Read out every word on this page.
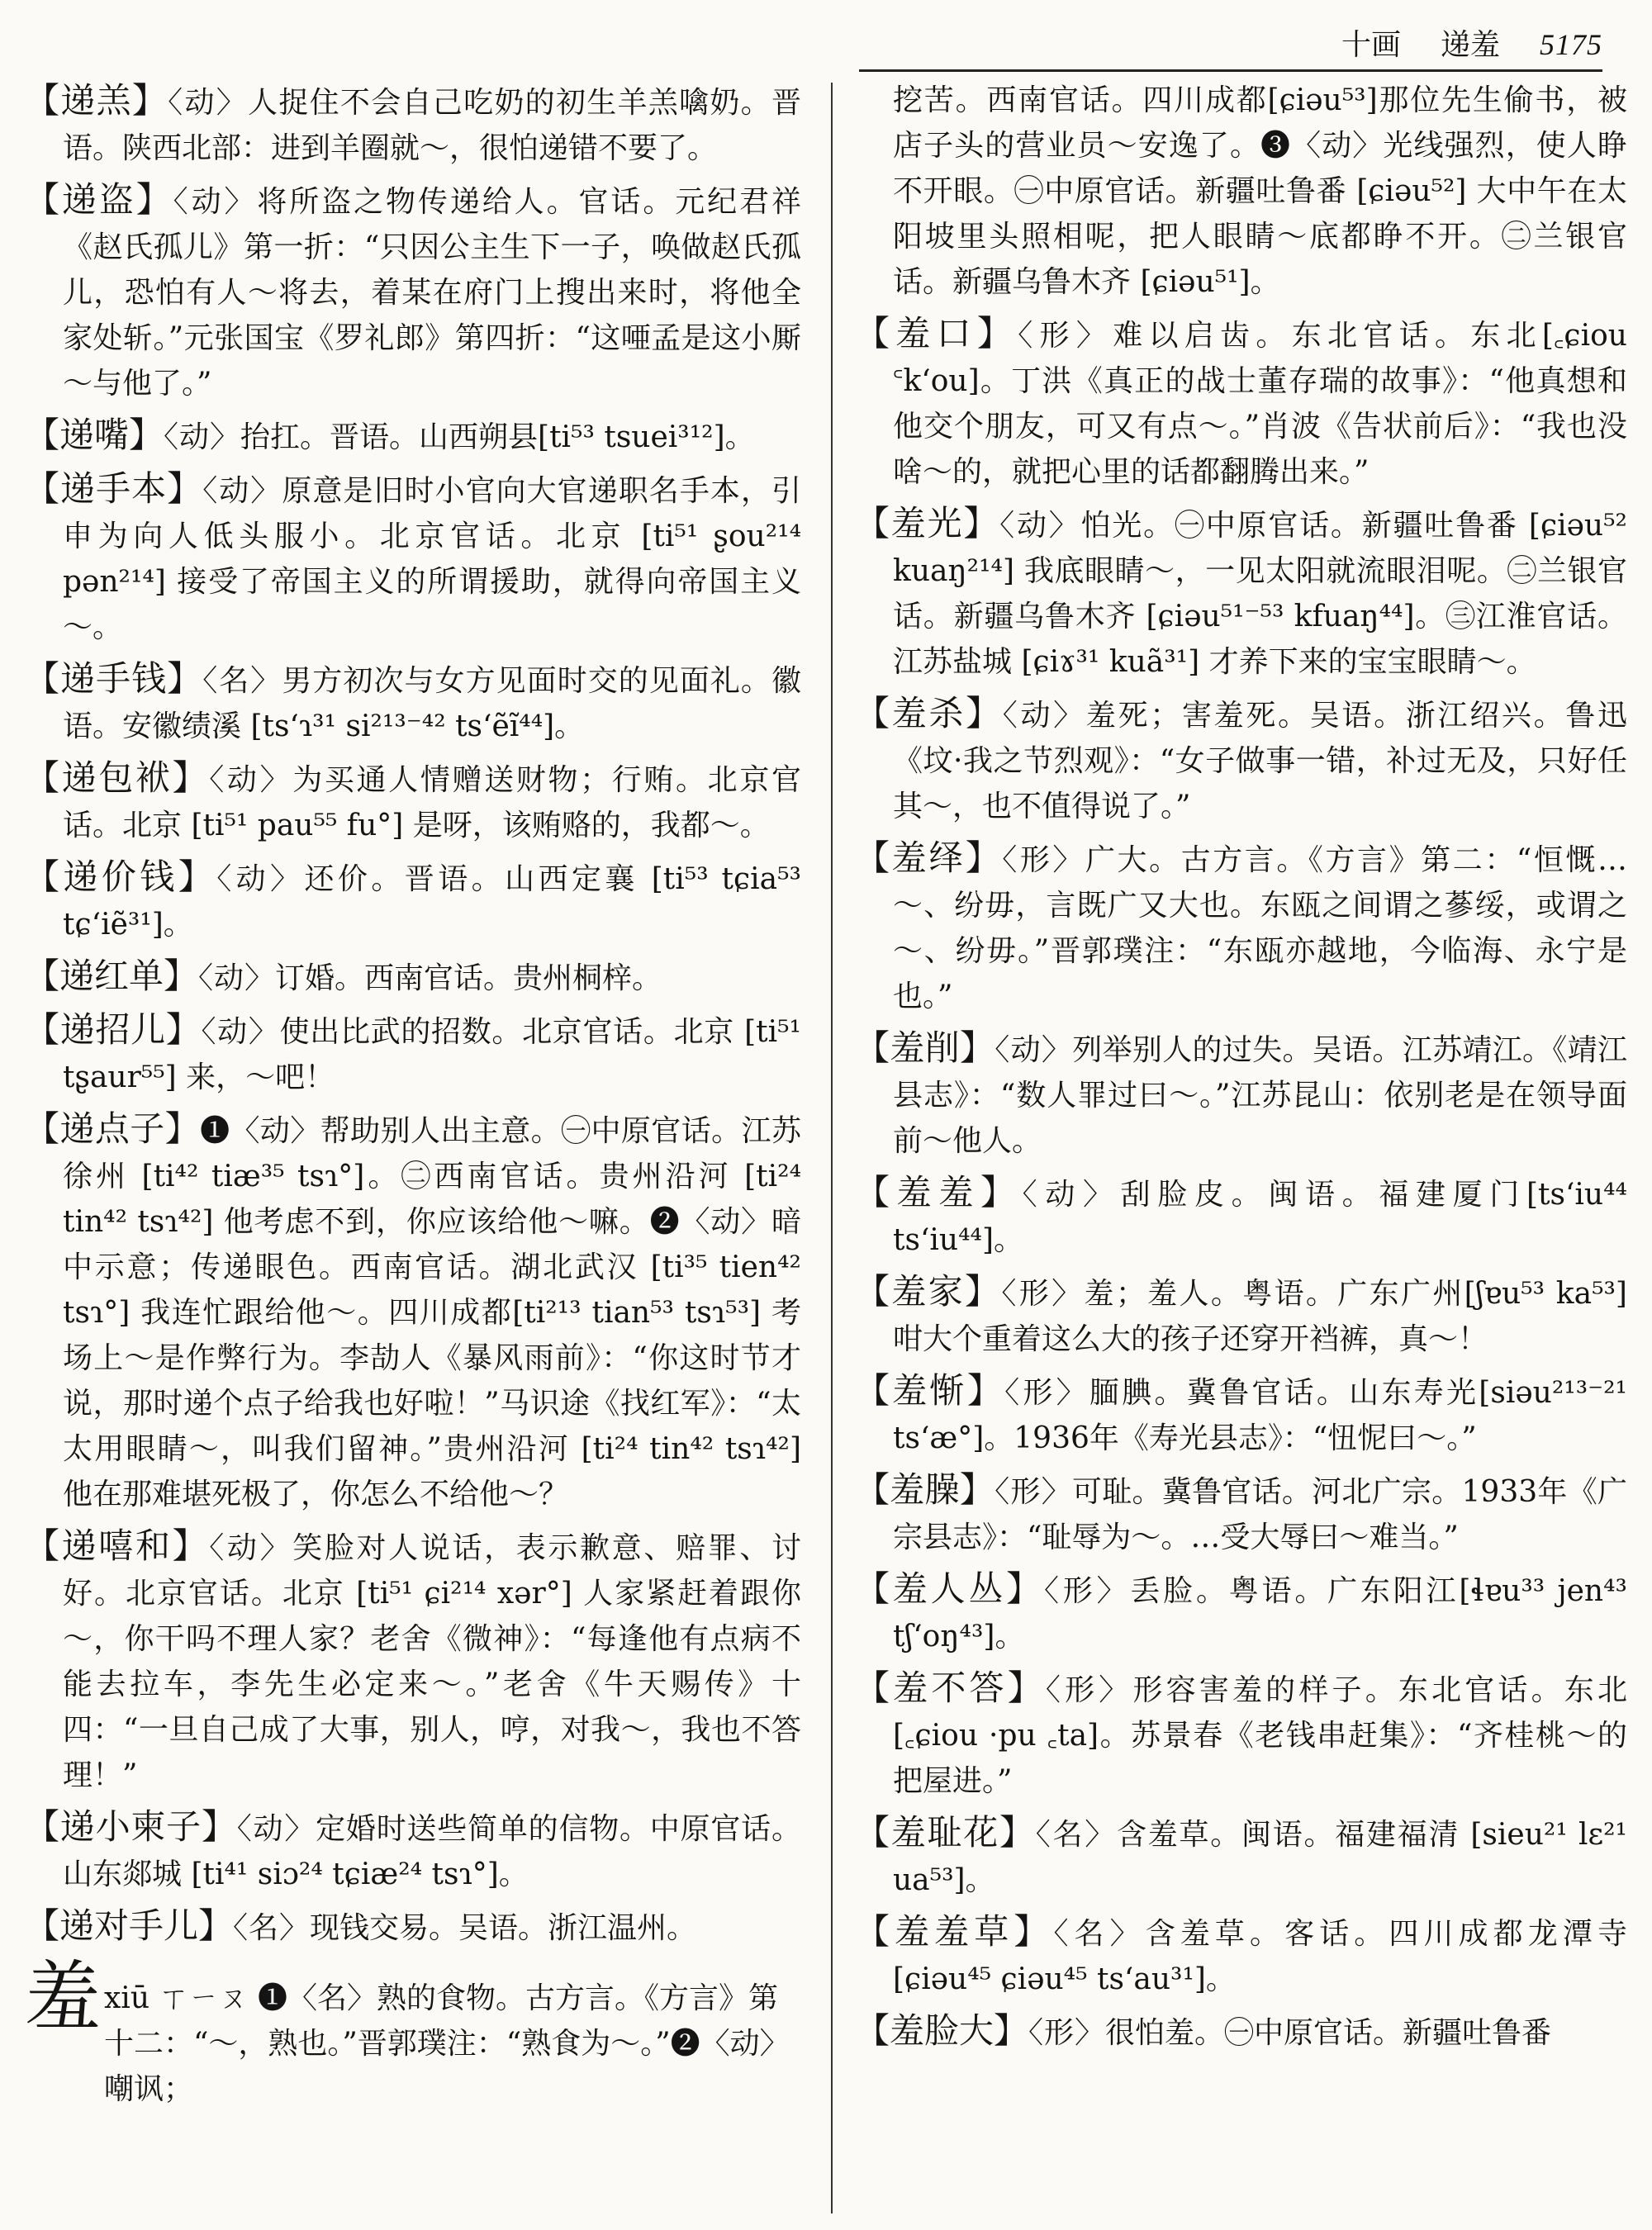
十画 递羞 5175
【递羔】〈动〉人捉住不会自己吃奶的初生羊羔噙奶。晋语。陕西北部：进到羊圈就～，很怕递错不要了。
【递盗】〈动〉将所盗之物传递给人。官话。元纪君祥《赵氏孤儿》第一折：“只因公主生下一子，唤做赵氏孤儿，恐怕有人～将去，着某在府门上搜出来时，将他全家处斩。”元张国宝《罗礼郎》第四折：“这唖孟是这小厮～与他了。”
【递嘴】〈动〉抬扛。晋语。山西朔县[ti⁵³ tsuei³¹²]。
【递手本】〈动〉原意是旧时小官向大官递职名手本，引申为向人低头服小。北京官话。北京 [ti⁵¹ ʂou²¹⁴ pən²¹⁴] 接受了帝国主义的所谓援助，就得向帝国主义～。
【递手钱】〈名〉男方初次与女方见面时交的见面礼。徽语。安徽绩溪 [tsʻɿ³¹ si²¹³⁻⁴² tsʻẽĩ⁴⁴]。
【递包袱】〈动〉为买通人情赠送财物；行贿。北京官话。北京 [ti⁵¹ pau⁵⁵ fu°] 是呀，该贿赂的，我都～。
【递价钱】〈动〉还价。晋语。山西定襄 [ti⁵³ tɕia⁵³ tɕʻiẽ³¹]。
【递红单】〈动〉订婚。西南官话。贵州桐梓。
【递招儿】〈动〉使出比武的招数。北京官话。北京 [ti⁵¹ tʂaur⁵⁵] 来，～吧！
【递点子】❶〈动〉帮助别人出主意。㊀中原官话。江苏徐州 [ti⁴² tiæ³⁵ tsɿ°]。㊁西南官话。贵州沿河 [ti²⁴ tin⁴² tsɿ⁴²] 他考虑不到，你应该给他～嘛。❷〈动〉暗中示意；传递眼色。西南官话。湖北武汉 [ti³⁵ tien⁴² tsɿ°] 我连忙跟给他～。四川成都[ti²¹³ tian⁵³ tsɿ⁵³] 考场上～是作弊行为。李劼人《暴风雨前》：“你这时节才说，那时递个点子给我也好啦！”马识途《找红军》：“太太用眼睛～，叫我们留神。”贵州沿河 [ti²⁴ tin⁴² tsɿ⁴²] 他在那难堪死极了，你怎么不给他～？
【递嘻和】〈动〉笑脸对人说话，表示歉意、赔罪、讨好。北京官话。北京 [ti⁵¹ ɕi²¹⁴ xər°] 人家紧赶着跟你～，你干吗不理人家？老舍《微神》：“每逢他有点病不能去拉车，李先生必定来～。”老舍《牛天赐传》十四：“一旦自己成了大事，别人，哼，对我～，我也不答理！”
【递小柬子】〈动〉定婚时送些简单的信物。中原官话。山东郯城 [ti⁴¹ siɔ²⁴ tɕiæ²⁴ tsɿ°]。
【递对手儿】〈名〉现钱交易。吴语。浙江温州。
羞 xiū ㄒㄧㄡ ❶〈名〉熟的食物。古方言。《方言》第十二：“～，熟也。”晋郭璞注：“熟食为～。”❷〈动〉嘲讽；
挖苦。西南官话。四川成都[ɕiəu⁵³]那位先生偷书，被店子头的营业员～安逸了。❸〈动〉光线强烈，使人睁不开眼。㊀中原官话。新疆吐鲁番 [ɕiəu⁵²] 大中午在太阳坡里头照相呢，把人眼睛～底都睁不开。㊁兰银官话。新疆乌鲁木齐 [ɕiəu⁵¹]。
【羞口】〈形〉难以启齿。东北官话。东北[꜀ɕiou ꜂kʻou]。丁洪《真正的战士董存瑞的故事》：“他真想和他交个朋友，可又有点～。”肖波《告状前后》：“我也没啥～的，就把心里的话都翻腾出来。”
【羞光】〈动〉怕光。㊀中原官话。新疆吐鲁番 [ɕiəu⁵² kuaŋ²¹⁴] 我底眼睛～，一见太阳就流眼泪呢。㊁兰银官话。新疆乌鲁木齐 [ɕiəu⁵¹⁻⁵³ kfuaŋ⁴⁴]。㊂江淮官话。江苏盐城 [ɕiɤ³¹ kuã³¹] 才养下来的宝宝眼睛～。
【羞杀】〈动〉羞死；害羞死。吴语。浙江绍兴。鲁迅《坟·我之节烈观》：“女子做事一错，补过无及，只好任其～，也不值得说了。”
【羞绎】〈形〉广大。古方言。《方言》第二：“恒慨…～、纷毋，言既广又大也。东瓯之间谓之蔘绥，或谓之～、纷毋。”晋郭璞注：“东瓯亦越地，今临海、永宁是也。”
【羞削】〈动〉列举别人的过失。吴语。江苏靖江。《靖江县志》：“数人罪过曰～。”江苏昆山：依别老是在领导面前～他人。
【羞羞】〈动〉刮脸皮。闽语。福建厦门[tsʻiu⁴⁴ tsʻiu⁴⁴]。
【羞家】〈形〉羞；羞人。粤语。广东广州[ʃɐu⁵³ ka⁵³] 咁大个重着这么大的孩子还穿开裆裤，真～！
【羞惭】〈形〉腼腆。冀鲁官话。山东寿光[siəu²¹³⁻²¹ tsʻæ°]。1936年《寿光县志》：“忸怩曰～。”
【羞臊】〈形〉可耻。冀鲁官话。河北广宗。1933年《广宗县志》：“耻辱为～。…受大辱曰～难当。”
【羞人丛】〈形〉丢脸。粤语。广东阳江[ɬɐu³³ jen⁴³ tʃʻoŋ⁴³]。
【羞不答】〈形〉形容害羞的样子。东北官话。东北 [꜀ɕiou ·pu ꜀ta]。苏景春《老钱串赶集》：“齐桂桃～的把屋进。”
【羞耻花】〈名〉含羞草。闽语。福建福清 [sieu²¹ lɛ²¹ ua⁵³]。
【羞羞草】〈名〉含羞草。客话。四川成都龙潭寺 [ɕiəu⁴⁵ ɕiəu⁴⁵ tsʻau³¹]。
【羞脸大】〈形〉很怕羞。㊀中原官话。新疆吐鲁番
